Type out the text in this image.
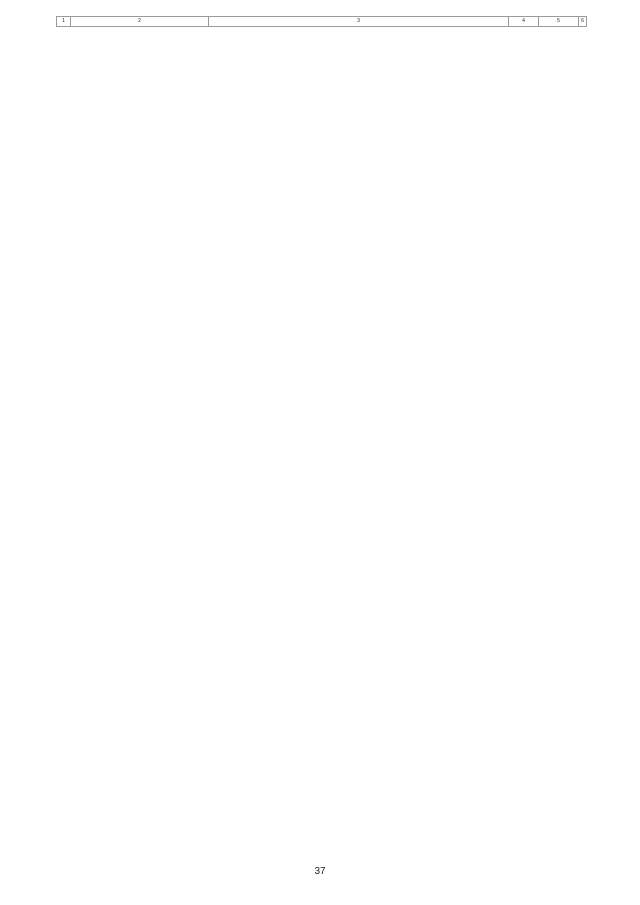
1	2	3	4	5	6
37
